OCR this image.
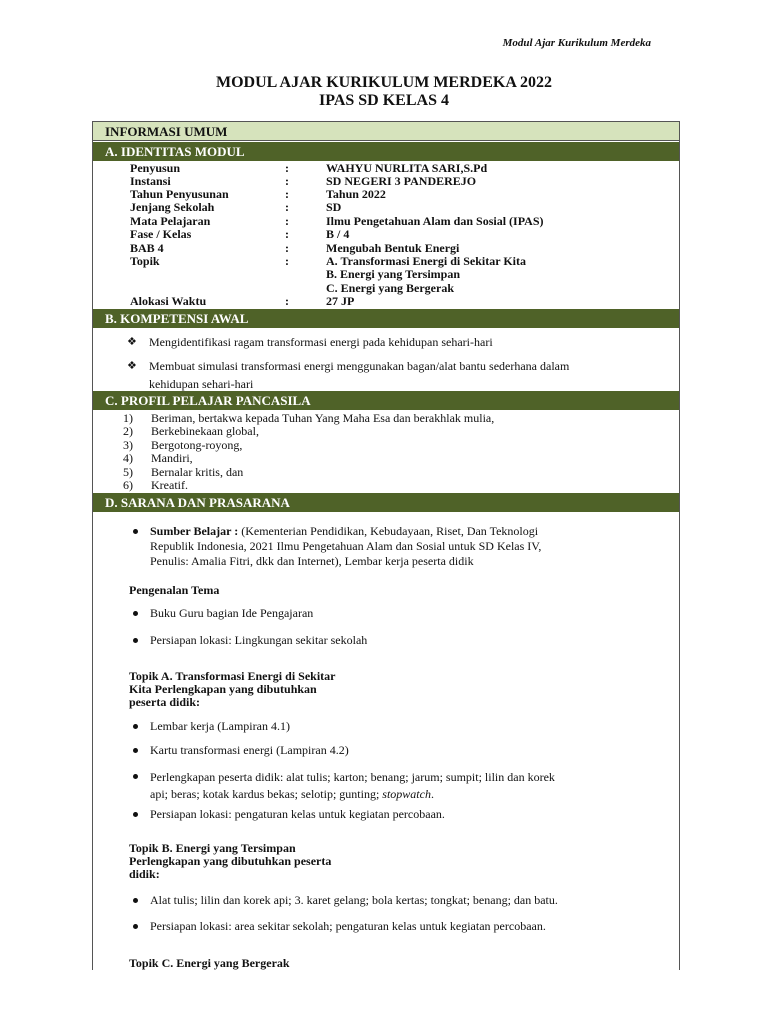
Modul Ajar Kurikulum Merdeka
MODUL AJAR KURIKULUM MERDEKA 2022
IPAS SD KELAS 4
INFORMASI UMUM
A. IDENTITAS MODUL
Penyusun	:	WAHYU NURLITA SARI,S.Pd
Instansi	:	SD NEGERI 3 PANDEREJO
Tahun Penyusunan	:	Tahun 2022
Jenjang Sekolah	:	SD
Mata Pelajaran	:	Ilmu Pengetahuan Alam dan Sosial (IPAS)
Fase / Kelas	:	B / 4
BAB 4	:	Mengubah Bentuk Energi
Topik	:	A. Transformasi Energi di Sekitar Kita
B. Energi yang Tersimpan
C. Energi yang Bergerak
Alokasi Waktu	:	27 JP
B. KOMPETENSI AWAL
❖ Mengidentifikasi ragam transformasi energi pada kehidupan sehari-hari
❖ Membuat simulasi transformasi energi menggunakan bagan/alat bantu sederhana dalam
kehidupan sehari-hari
C. PROFIL PELAJAR PANCASILA
1) Beriman, bertakwa kepada Tuhan Yang Maha Esa dan berakhlak mulia,
2) Berkebinekaan global,
3) Bergotong-royong,
4) Mandiri,
5) Bernalar kritis, dan
6) Kreatif.
D. SARANA DAN PRASARANA
Sumber Belajar : (Kementerian Pendidikan, Kebudayaan, Riset, Dan Teknologi
Republik Indonesia, 2021 Ilmu Pengetahuan Alam dan Sosial untuk SD Kelas IV,
Penulis: Amalia Fitri, dkk dan Internet), Lembar kerja peserta didik
Pengenalan Tema
Buku Guru bagian Ide Pengajaran
Persiapan lokasi: Lingkungan sekitar sekolah
Topik A. Transformasi Energi di Sekitar
Kita Perlengkapan yang dibutuhkan
peserta didik:
Lembar kerja (Lampiran 4.1)
Kartu transformasi energi (Lampiran 4.2)
Perlengkapan peserta didik: alat tulis; karton; benang; jarum; sumpit; lilin dan korek
api; beras; kotak kardus bekas; selotip; gunting; stopwatch.
Persiapan lokasi: pengaturan kelas untuk kegiatan percobaan.
Topik B. Energi yang Tersimpan
Perlengkapan yang dibutuhkan peserta
didik:
Alat tulis; lilin dan korek api; 3. karet gelang; bola kertas; tongkat; benang; dan batu.
Persiapan lokasi: area sekitar sekolah; pengaturan kelas untuk kegiatan percobaan.
Topik C. Energi yang Bergerak
